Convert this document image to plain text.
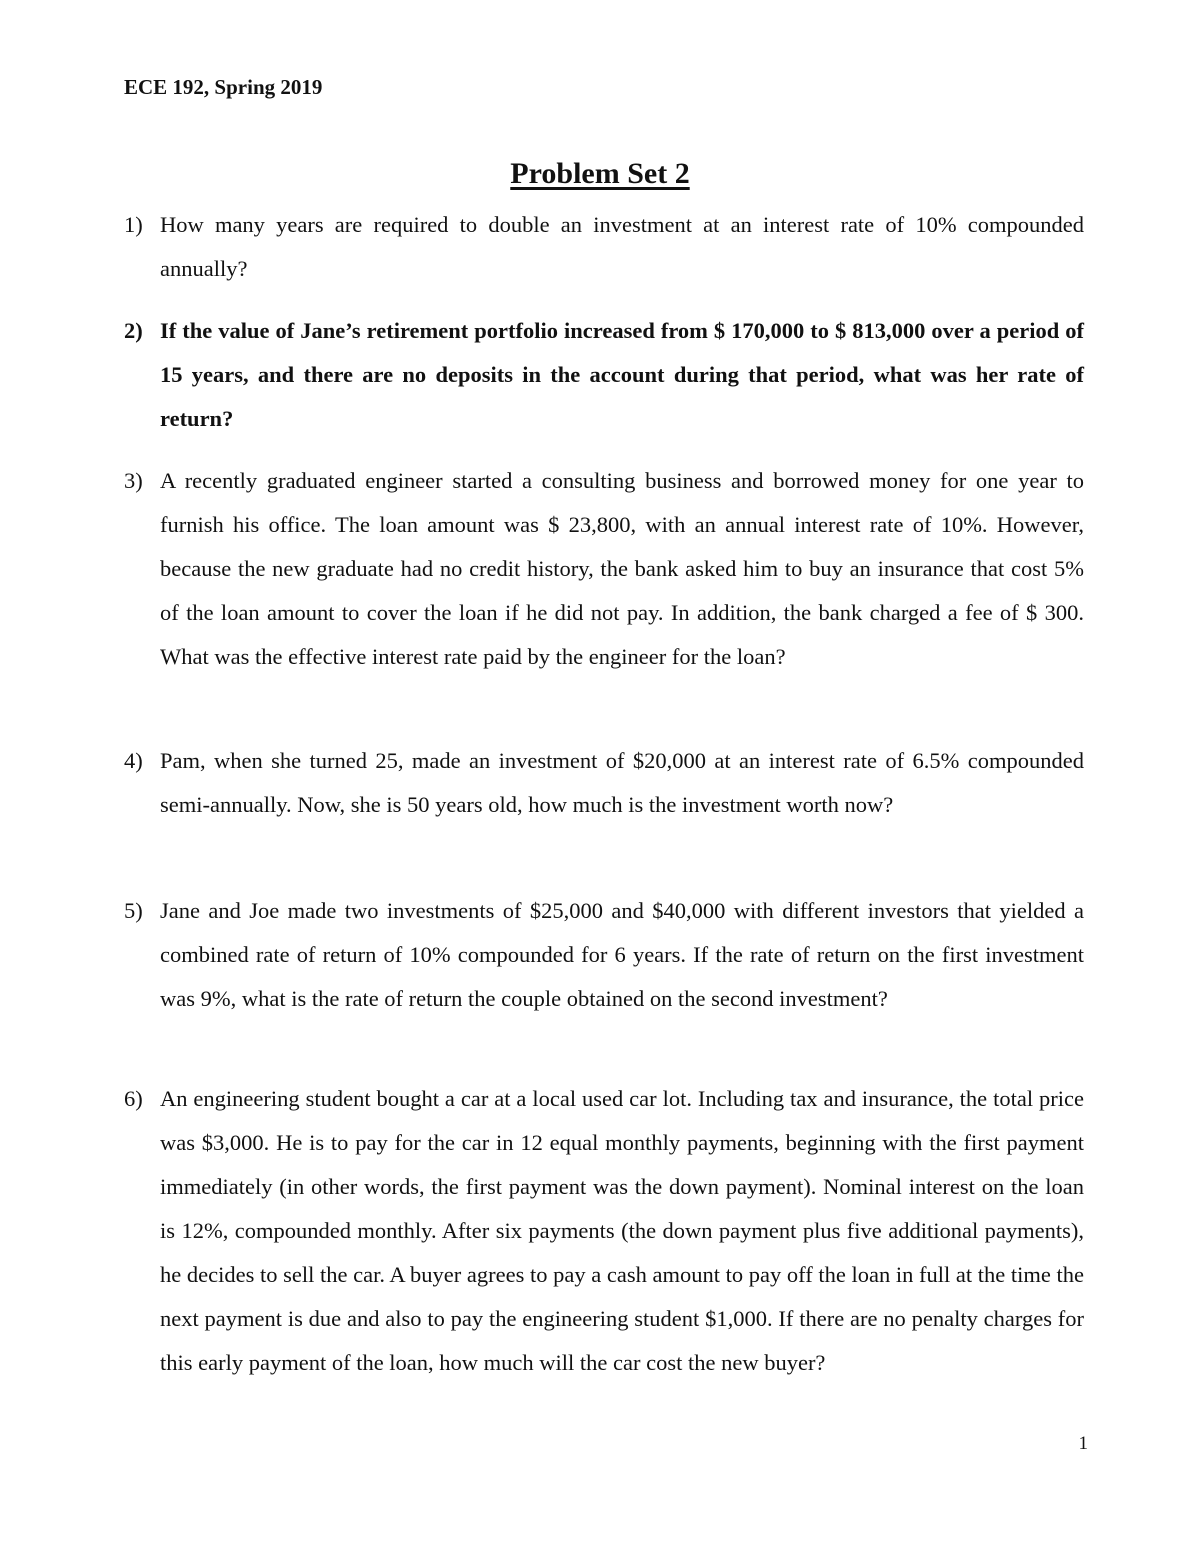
ECE 192, Spring 2019
Problem Set 2
1) How many years are required to double an investment at an interest rate of 10% compounded annually?
2) If the value of Jane’s retirement portfolio increased from $ 170,000 to $ 813,000 over a period of 15 years, and there are no deposits in the account during that period, what was her rate of return?
3) A recently graduated engineer started a consulting business and borrowed money for one year to furnish his office. The loan amount was $ 23,800, with an annual interest rate of 10%. However, because the new graduate had no credit history, the bank asked him to buy an insurance that cost 5% of the loan amount to cover the loan if he did not pay. In addition, the bank charged a fee of $ 300. What was the effective interest rate paid by the engineer for the loan?
4) Pam, when she turned 25, made an investment of $20,000 at an interest rate of 6.5% compounded semi-annually. Now, she is 50 years old, how much is the investment worth now?
5) Jane and Joe made two investments of $25,000 and $40,000 with different investors that yielded a combined rate of return of 10% compounded for 6 years. If the rate of return on the first investment was 9%, what is the rate of return the couple obtained on the second investment?
6) An engineering student bought a car at a local used car lot. Including tax and insurance, the total price was $3,000. He is to pay for the car in 12 equal monthly payments, beginning with the first payment immediately (in other words, the first payment was the down payment). Nominal interest on the loan is 12%, compounded monthly. After six payments (the down payment plus five additional payments), he decides to sell the car. A buyer agrees to pay a cash amount to pay off the loan in full at the time the next payment is due and also to pay the engineering student $1,000. If there are no penalty charges for this early payment of the loan, how much will the car cost the new buyer?
1
